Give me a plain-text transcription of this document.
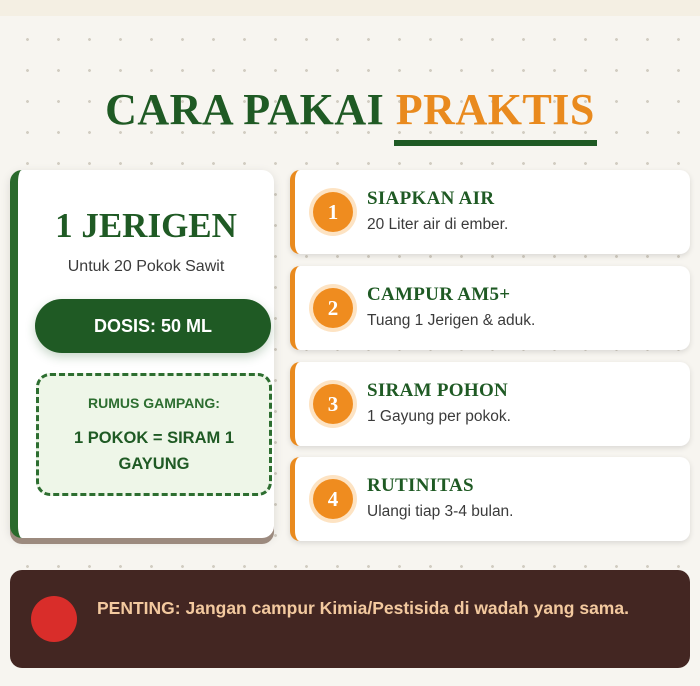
CARA PAKAI PRAKTIS
1 JERIGEN
Untuk 20 Pokok Sawit
DOSIS: 50 ML
RUMUS GAMPANG:
1 POKOK = SIRAM 1 GAYUNG
1
SIAPKAN AIR
20 Liter air di ember.
2
CAMPUR AM5+
Tuang 1 Jerigen & aduk.
3
SIRAM POHON
1 Gayung per pokok.
4
RUTINITAS
Ulangi tiap 3-4 bulan.
PENTING: Jangan campur Kimia/Pestisida di wadah yang sama.
